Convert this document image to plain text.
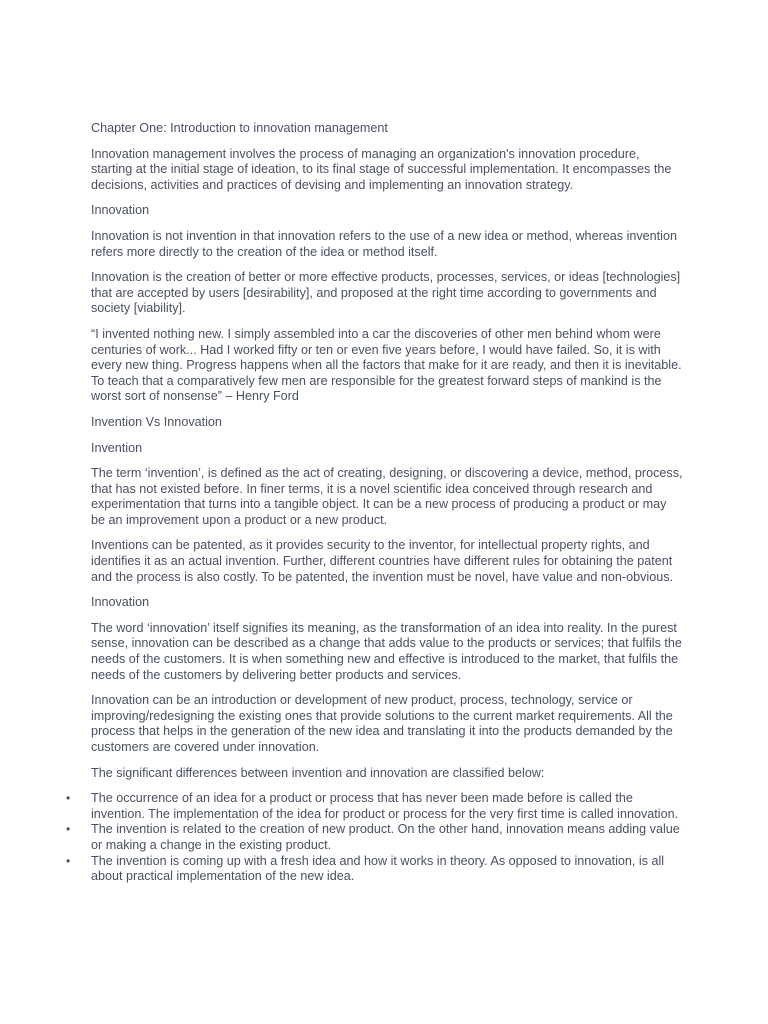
Chapter One: Introduction to innovation management

Innovation management involves the process of managing an organization's innovation procedure, starting at the initial stage of ideation, to its final stage of successful implementation. It encompasses the decisions, activities and practices of devising and implementing an innovation strategy.

Innovation

Innovation is not invention in that innovation refers to the use of a new idea or method, whereas invention refers more directly to the creation of the idea or method itself.

Innovation is the creation of better or more effective products, processes, services, or ideas [technologies] that are accepted by users [desirability], and proposed at the right time according to governments and society [viability].

“I invented nothing new. I simply assembled into a car the discoveries of other men behind whom were centuries of work... Had I worked fifty or ten or even five years before, I would have failed. So, it is with every new thing. Progress happens when all the factors that make for it are ready, and then it is inevitable. To teach that a comparatively few men are responsible for the greatest forward steps of mankind is the worst sort of nonsense” – Henry Ford

Invention Vs Innovation

Invention

The term ‘invention’, is defined as the act of creating, designing, or discovering a device, method, process, that has not existed before. In finer terms, it is a novel scientific idea conceived through research and experimentation that turns into a tangible object. It can be a new process of producing a product or may be an improvement upon a product or a new product.

Inventions can be patented, as it provides security to the inventor, for intellectual property rights, and identifies it as an actual invention. Further, different countries have different rules for obtaining the patent and the process is also costly. To be patented, the invention must be novel, have value and non-obvious.

Innovation

The word ‘innovation’ itself signifies its meaning, as the transformation of an idea into reality. In the purest sense, innovation can be described as a change that adds value to the products or services; that fulfils the needs of the customers. It is when something new and effective is introduced to the market, that fulfils the needs of the customers by delivering better products and services.

Innovation can be an introduction or development of new product, process, technology, service or improving/redesigning the existing ones that provide solutions to the current market requirements. All the process that helps in the generation of the new idea and translating it into the products demanded by the customers are covered under innovation.

The significant differences between invention and innovation are classified below:

• The occurrence of an idea for a product or process that has never been made before is called the invention. The implementation of the idea for product or process for the very first time is called innovation.
• The invention is related to the creation of new product. On the other hand, innovation means adding value or making a change in the existing product.
• The invention is coming up with a fresh idea and how it works in theory. As opposed to innovation, is all about practical implementation of the new idea.
